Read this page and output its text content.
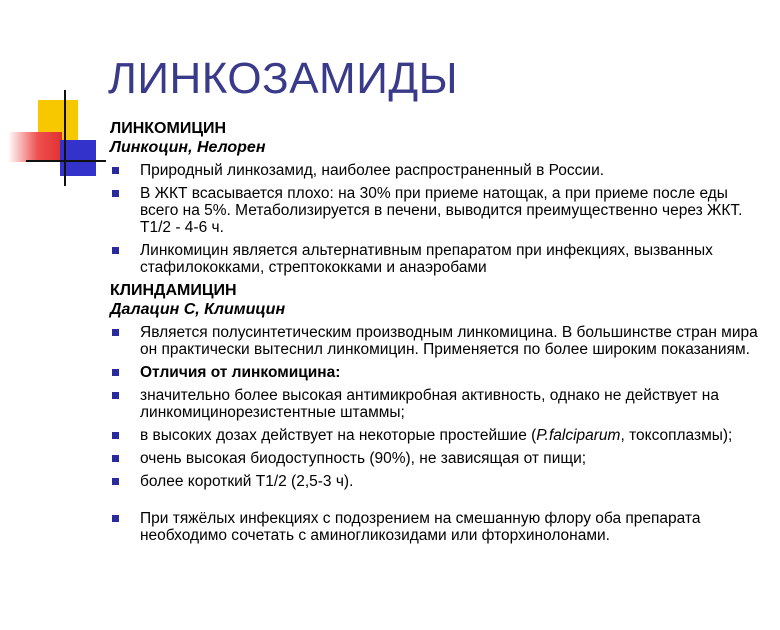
ЛИНКОЗАМИДЫ
ЛИНКОМИЦИН
Линкоцин, Нелорен
Природный линкозамид, наиболее распространенный в России.
В ЖКТ всасывается плохо: на 30% при приеме натощак, а при приеме после еды всего на 5%. Метаболизируется в печени, выводится преимущественно через ЖКТ. Т1/2 - 4-6 ч.
Линкомицин является альтернативным препаратом при инфекциях, вызванных стафилококками, стрептококками и анаэробами
КЛИНДАМИЦИН
Далацин С, Климицин
Является полусинтетическим производным линкомицина. В большинстве стран мира он практически вытеснил линкомицин. Применяется по более широким показаниям.
Отличия от линкомицина:
значительно более высокая антимикробная активность, однако не действует на линкомицинорезистентные штаммы;
в высоких дозах действует на некоторые простейшие (P.falciparum, токсоплазмы);
очень высокая биодоступность (90%), не зависящая от пищи;
более короткий Т1/2 (2,5-3 ч).
При тяжёлых инфекциях с подозрением на смешанную флору оба препарата необходимо сочетать с аминогликозидами или фторхинолонами.
